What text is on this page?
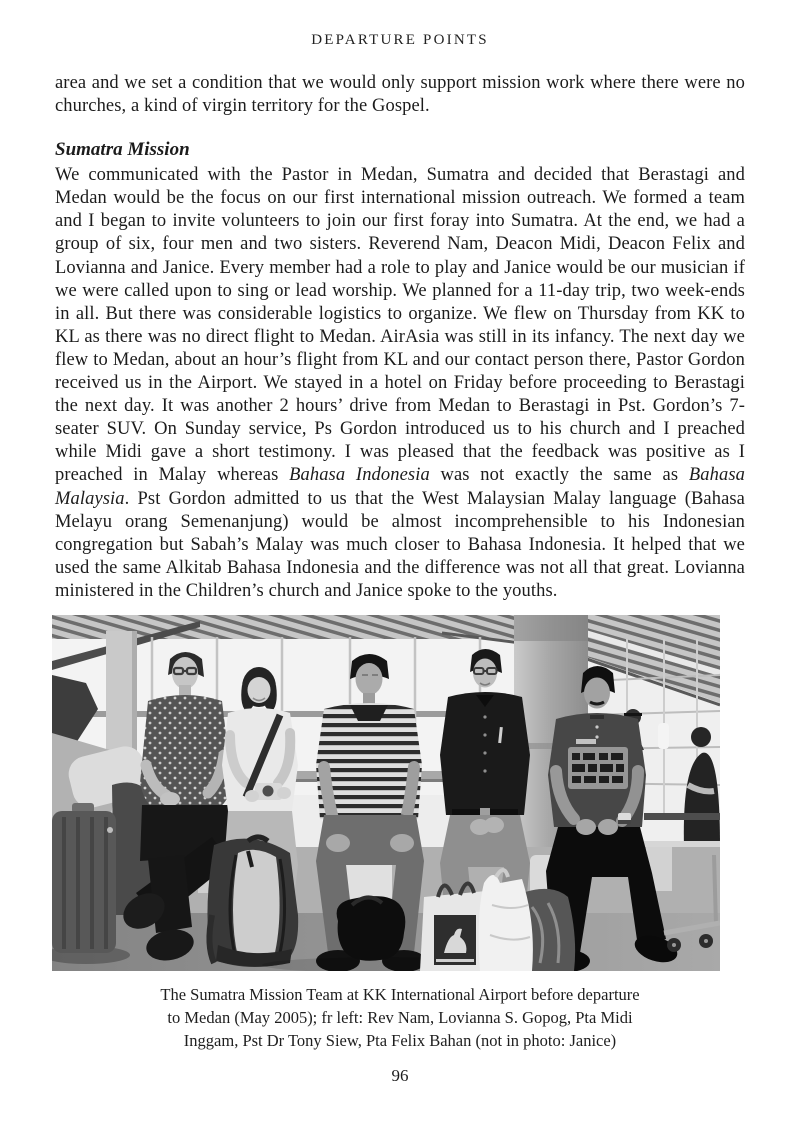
DEPARTURE POINTS

area and we set a condition that we would only support mission work where there were no churches, a kind of virgin territory for the Gospel.

Sumatra Mission

We communicated with the Pastor in Medan, Sumatra and decided that Berastagi and Medan would be the focus on our first international mission outreach. We formed a team and I began to invite volunteers to join our first foray into Sumatra. At the end, we had a group of six, four men and two sisters. Reverend Nam, Deacon Midi, Deacon Felix and Lovianna and Janice. Every member had a role to play and Janice would be our musician if we were called upon to sing or lead worship. We planned for a 11-day trip, two week-ends in all. But there was considerable logistics to organize. We flew on Thursday from KK to KL as there was no direct flight to Medan. AirAsia was still in its infancy. The next day we flew to Medan, about an hour’s flight from KL and our contact person there, Pastor Gordon received us in the Airport. We stayed in a hotel on Friday before proceeding to Berastagi the next day. It was another 2 hours’ drive from Medan to Berastagi in Pst. Gordon’s 7-seater SUV. On Sunday service, Ps Gordon introduced us to his church and I preached while Midi gave a short testimony. I was pleased that the feedback was positive as I preached in Malay whereas Bahasa Indonesia was not exactly the same as Bahasa Malaysia. Pst Gordon admitted to us that the West Malaysian Malay language (Bahasa Melayu orang Semenanjung) would be almost incomprehensible to his Indonesian congregation but Sabah’s Malay was much closer to Bahasa Indonesia. It helped that we used the same Alkitab Bahasa Indonesia and the difference was not all that great. Lovianna ministered in the Children’s church and Janice spoke to the youths.

The Sumatra Mission Team at KK International Airport before departure
to Medan (May 2005); fr left: Rev Nam, Lovianna S. Gopog, Pta Midi
Inggam, Pst Dr Tony Siew, Pta Felix Bahan (not in photo: Janice)
96
